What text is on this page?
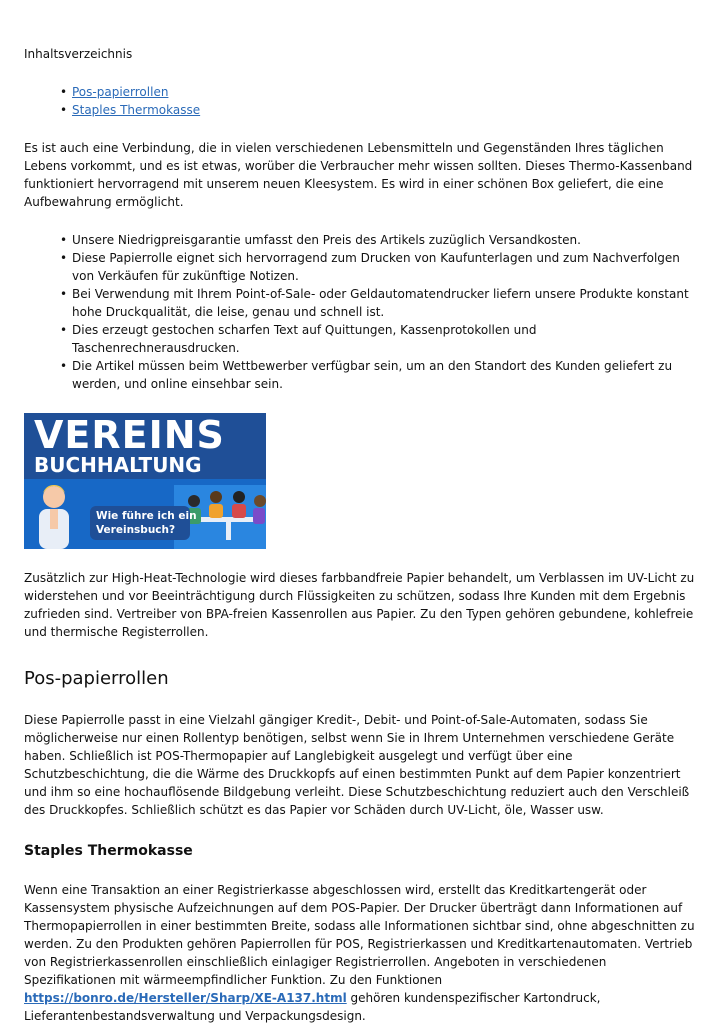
Inhaltsverzeichnis

• Pos-papierrollen
• Staples Thermokasse

Es ist auch eine Verbindung, die in vielen verschiedenen Lebensmitteln und Gegenständen Ihres täglichen Lebens vorkommt, und es ist etwas, worüber die Verbraucher mehr wissen sollten. Dieses Thermo-Kassenband funktioniert hervorragend mit unserem neuen Kleesystem. Es wird in einer schönen Box geliefert, die eine Aufbewahrung ermöglicht.

• Unsere Niedrigpreisgarantie umfasst den Preis des Artikels zuzüglich Versandkosten.
• Diese Papierrolle eignet sich hervorragend zum Drucken von Kaufunterlagen und zum Nachverfolgen von Verkäufen für zukünftige Notizen.
• Bei Verwendung mit Ihrem Point-of-Sale- oder Geldautomatendrucker liefern unsere Produkte konstant hohe Druckqualität, die leise, genau und schnell ist.
• Dies erzeugt gestochen scharfen Text auf Quittungen, Kassenprotokollen und Taschenrechnerausdrucken.
• Die Artikel müssen beim Wettbewerber verfügbar sein, um an den Standort des Kunden geliefert zu werden, und online einsehbar sein.
VEREINS
BUCHHALTUNG
Wie führe ich ein
Vereinsbuch?

Zusätzlich zur High-Heat-Technologie wird dieses farbbandfreie Papier behandelt, um Verblassen im UV-Licht zu widerstehen und vor Beeinträchtigung durch Flüssigkeiten zu schützen, sodass Ihre Kunden mit dem Ergebnis zufrieden sind. Vertreiber von BPA-freien Kassenrollen aus Papier. Zu den Typen gehören gebundene, kohlefreie und thermische Registerrollen.

Pos-papierrollen

Diese Papierrolle passt in eine Vielzahl gängiger Kredit-, Debit- und Point-of-Sale-Automaten, sodass Sie möglicherweise nur einen Rollentyp benötigen, selbst wenn Sie in Ihrem Unternehmen verschiedene Geräte haben. Schließlich ist POS-Thermopapier auf Langlebigkeit ausgelegt und verfügt über eine Schutzbeschichtung, die die Wärme des Druckkopfs auf einen bestimmten Punkt auf dem Papier konzentriert und ihm so eine hochauflösende Bildgebung verleiht. Diese Schutzbeschichtung reduziert auch den Verschleiß des Druckkopfes. Schließlich schützt es das Papier vor Schäden durch UV-Licht, öle, Wasser usw.

Staples Thermokasse

Wenn eine Transaktion an einer Registrierkasse abgeschlossen wird, erstellt das Kreditkartengerät oder Kassensystem physische Aufzeichnungen auf dem POS-Papier. Der Drucker überträgt dann Informationen auf Thermopapierrollen in einer bestimmten Breite, sodass alle Informationen sichtbar sind, ohne abgeschnitten zu werden. Zu den Produkten gehören Papierrollen für POS, Registrierkassen und Kreditkartenautomaten. Vertrieb von Registrierkassenrollen einschließlich einlagiger Registrierrollen. Angeboten in verschiedenen Spezifikationen mit wärmeempfindlicher Funktion. Zu den Funktionen https://bonro.de/Hersteller/Sharp/XE-A137.html gehören kundenspezifischer Kartondruck, Lieferantenbestandsverwaltung und Verpackungsdesign.
